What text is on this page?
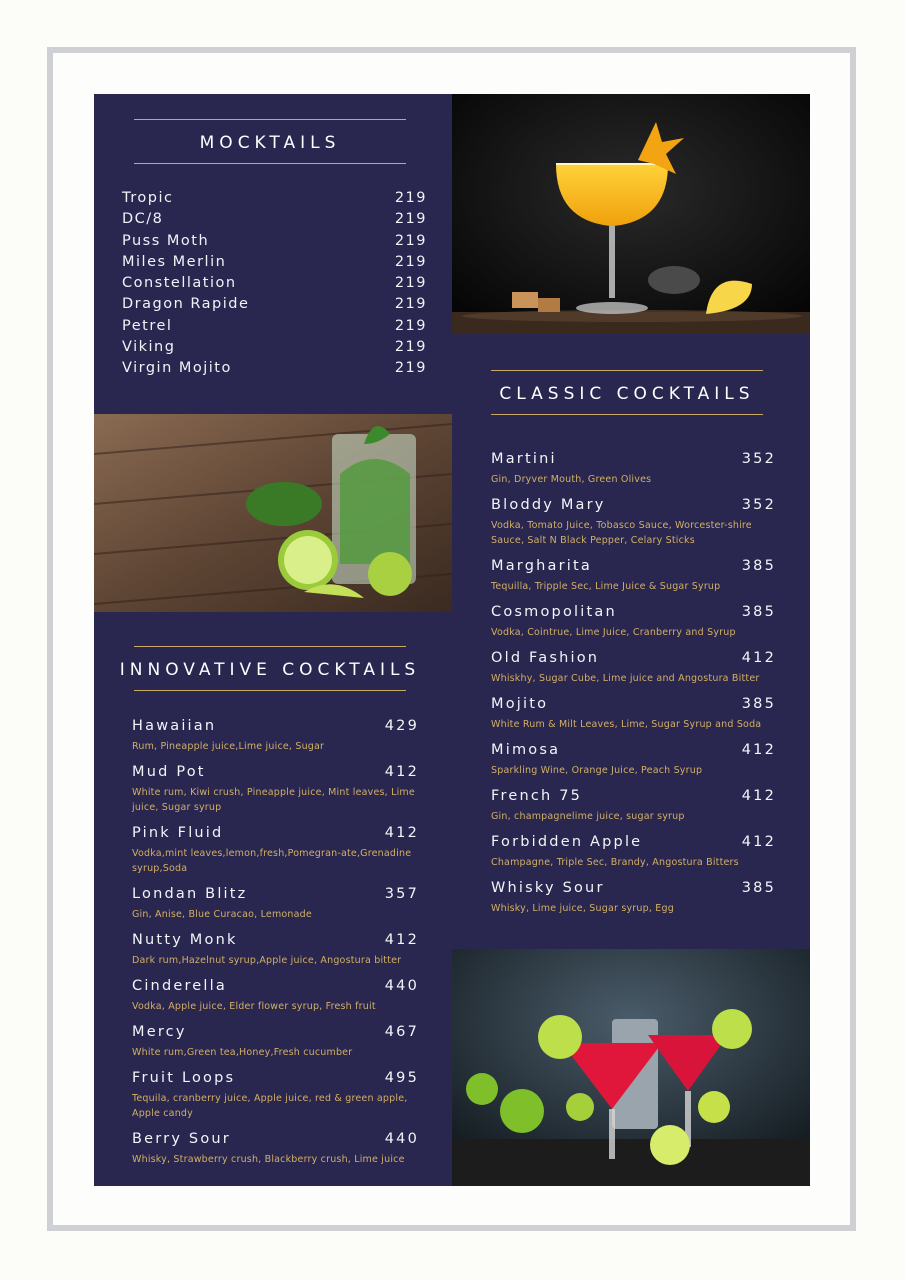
MOCKTAILS
Tropic	219
DC/8	219
Puss Moth	219
Miles Merlin	219
Constellation	219
Dragon Rapide	219
Petrel	219
Viking	219
Virgin Mojito	219
INNOVATIVE COCKTAILS
Hawaiian	429
Rum, Pineapple juice,Lime juice, Sugar
Mud Pot	412
White rum, Kiwi crush, Pineapple juice, Mint leaves, Lime juice, Sugar syrup
Pink Fluid	412
Vodka,mint leaves,lemon,fresh,Pomegran-ate,Grenadine syrup,Soda
Londan Blitz	357
Gin, Anise, Blue Curacao, Lemonade
Nutty Monk	412
Dark rum,Hazelnut syrup,Apple juice, Angostura bitter
Cinderella	440
Vodka, Apple juice, Elder flower syrup, Fresh fruit
Mercy	467
White rum,Green tea,Honey,Fresh cucumber
Fruit Loops	495
Tequila, cranberry juice, Apple juice, red & green apple, Apple candy
Berry Sour	440
Whisky, Strawberry crush, Blackberry crush, Lime juice
CLASSIC COCKTAILS
Martini	352
Gin, Dryver Mouth, Green Olives
Bloddy Mary	352
Vodka, Tomato Juice, Tobasco Sauce, Worcester-shire Sauce, Salt N Black Pepper, Celary Sticks
Margharita	385
Tequilla, Tripple Sec, Lime Juice & Sugar Syrup
Cosmopolitan	385
Vodka, Cointrue, Lime Juice, Cranberry and Syrup
Old Fashion	412
Whiskhy, Sugar Cube, Lime juice and Angostura Bitter
Mojito	385
White Rum & Milt Leaves, Lime, Sugar Syrup and Soda
Mimosa	412
Sparkling Wine, Orange Juice, Peach Syrup
French 75	412
Gin, champagnelime juice, sugar syrup
Forbidden Apple	412
Champagne, Triple Sec, Brandy, Angostura Bitters
Whisky Sour	385
Whisky, Lime juice, Sugar syrup, Egg
